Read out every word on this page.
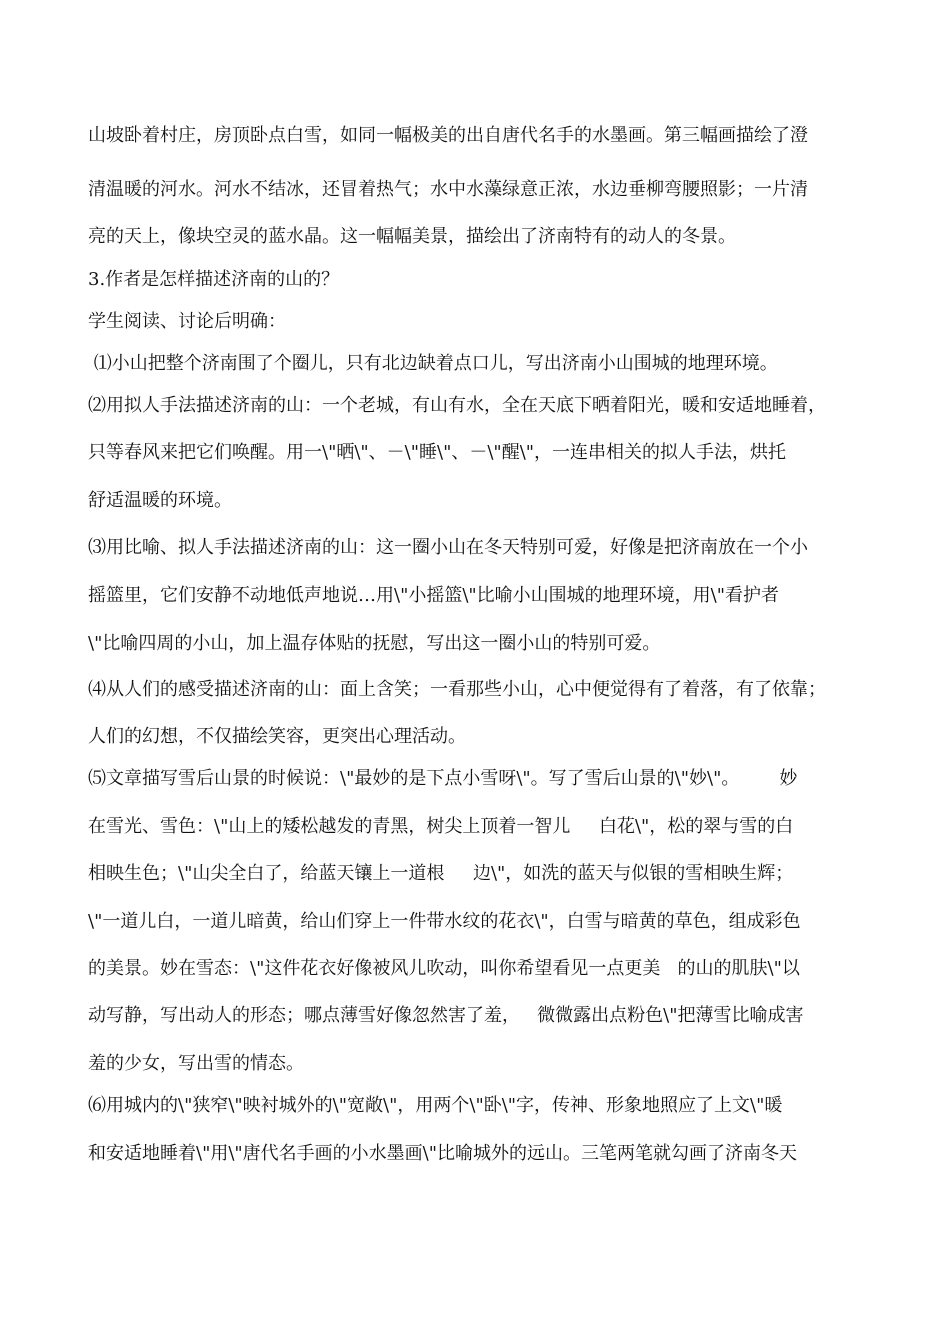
山坡卧着村庄，房顶卧点白雪，如同一幅极美的出自唐代名手的水墨画。第三幅画描绘了澄
清温暖的河水。河水不结冰，还冒着热气；水中水藻绿意正浓，水边垂柳弯腰照影；一片清
亮的天上，像块空灵的蓝水晶。这一幅幅美景，描绘出了济南特有的动人的冬景。
3.作者是怎样描述济南的山的？
学生阅读、讨论后明确：
⑴小山把整个济南围了个圈儿，只有北边缺着点口儿，写出济南小山围城的地理环境。
⑵用拟人手法描述济南的山：一个老城，有山有水，全在天底下晒着阳光，暖和安适地睡着，
只等春风来把它们唤醒。用一\"晒\"、－\"睡\"、－\"醒\"，一连串相关的拟人手法，烘托
舒适温暖的环境。
⑶用比喻、拟人手法描述济南的山：这一圈小山在冬天特别可爱，好像是把济南放在一个小
摇篮里，它们安静不动地低声地说…用\"小摇篮\"比喻小山围城的地理环境，用\"看护者
\"比喻四周的小山，加上温存体贴的抚慰，写出这一圈小山的特别可爱。
⑷从人们的感受描述济南的山：面上含笑；一看那些小山，心中便觉得有了着落，有了依靠；
人们的幻想，不仅描绘笑容，更突出心理活动。
⑸文章描写雪后山景的时候说：\"最妙的是下点小雪呀\"。写了雪后山景的\"妙\"。       妙
在雪光、雪色：\"山上的矮松越发的青黑，树尖上顶着一智儿     白花\"，松的翠与雪的白
相映生色；\"山尖全白了，给蓝天镶上一道根     边\"，如洗的蓝天与似银的雪相映生辉；
\"一道儿白，一道儿暗黄，给山们穿上一件带水纹的花衣\"，白雪与暗黄的草色，组成彩色
的美景。妙在雪态：\"这件花衣好像被风儿吹动，叫你希望看见一点更美   的山的肌肤\"以
动写静，写出动人的形态；哪点薄雪好像忽然害了羞，   微微露出点粉色\"把薄雪比喻成害
羞的少女，写出雪的情态。
⑹用城内的\"狭窄\"映衬城外的\"宽敞\"，用两个\"卧\"字，传神、形象地照应了上文\"暖
和安适地睡着\"用\"唐代名手画的小水墨画\"比喻城外的远山。三笔两笔就勾画了济南冬天
